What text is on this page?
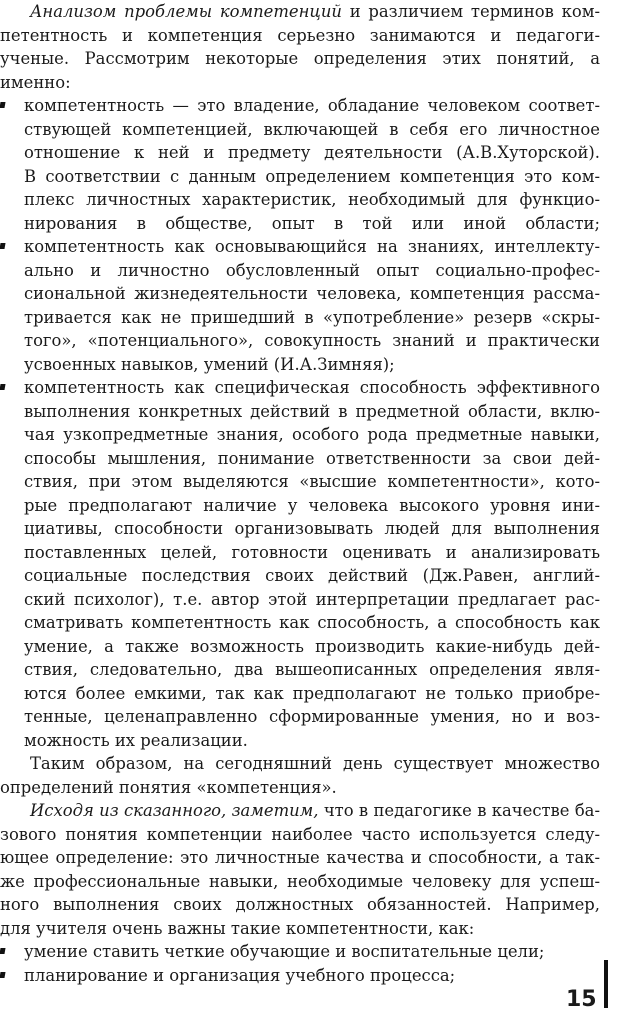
Анализом проблемы компетенций и различием терминов ком-
петентность и компетенция серьезно занимаются и педагоги-
ученые. Рассмотрим некоторые определения этих понятий, а
именно:
компетентность — это владение, обладание человеком соответ-
ствующей компетенцией, включающей в себя его личностное
отношение к ней и предмету деятельности (А.В.Хуторской).
В соответствии с данным определением компетенция это ком-
плекс личностных характеристик, необходимый для функцио-
нирования в обществе, опыт в той или иной области;
компетентность как основывающийся на знаниях, интеллекту-
ально и личностно обусловленный опыт социально-профес-
сиональной жизнедеятельности человека, компетенция рассма-
тривается как не пришедший в «употребление» резерв «скры-
того», «потенциального», совокупность знаний и практически
усвоенных навыков, умений (И.А.Зимняя);
компетентность как специфическая способность эффективного
выполнения конкретных действий в предметной области, вклю-
чая узкопредметные знания, особого рода предметные навыки,
способы мышления, понимание ответственности за свои дей-
ствия, при этом выделяются «высшие компетентности», кото-
рые предполагают наличие у человека высокого уровня ини-
циативы, способности организовывать людей для выполнения
поставленных целей, готовности оценивать и анализировать
социальные последствия своих действий (Дж.Равен, англий-
ский психолог), т.е. автор этой интерпретации предлагает рас-
сматривать компетентность как способность, а способность как
умение, а также возможность производить какие-нибудь дей-
ствия, следовательно, два вышеописанных определения явля-
ются более емкими, так как предполагают не только приобре-
тенные, целенаправленно сформированные умения, но и воз-
можность их реализации.
Таким образом, на сегодняшний день существует множество
определений понятия «компетенция».
Исходя из сказанного, заметим, что в педагогике в качестве ба-
зового понятия компетенции наиболее часто используется следу-
ющее определение: это личностные качества и способности, а так-
же профессиональные навыки, необходимые человеку для успеш-
ного выполнения своих должностных обязанностей. Например,
для учителя очень важны такие компетентности, как:
умение ставить четкие обучающие и воспитательные цели;
планирование и организация учебного процесса;
15
